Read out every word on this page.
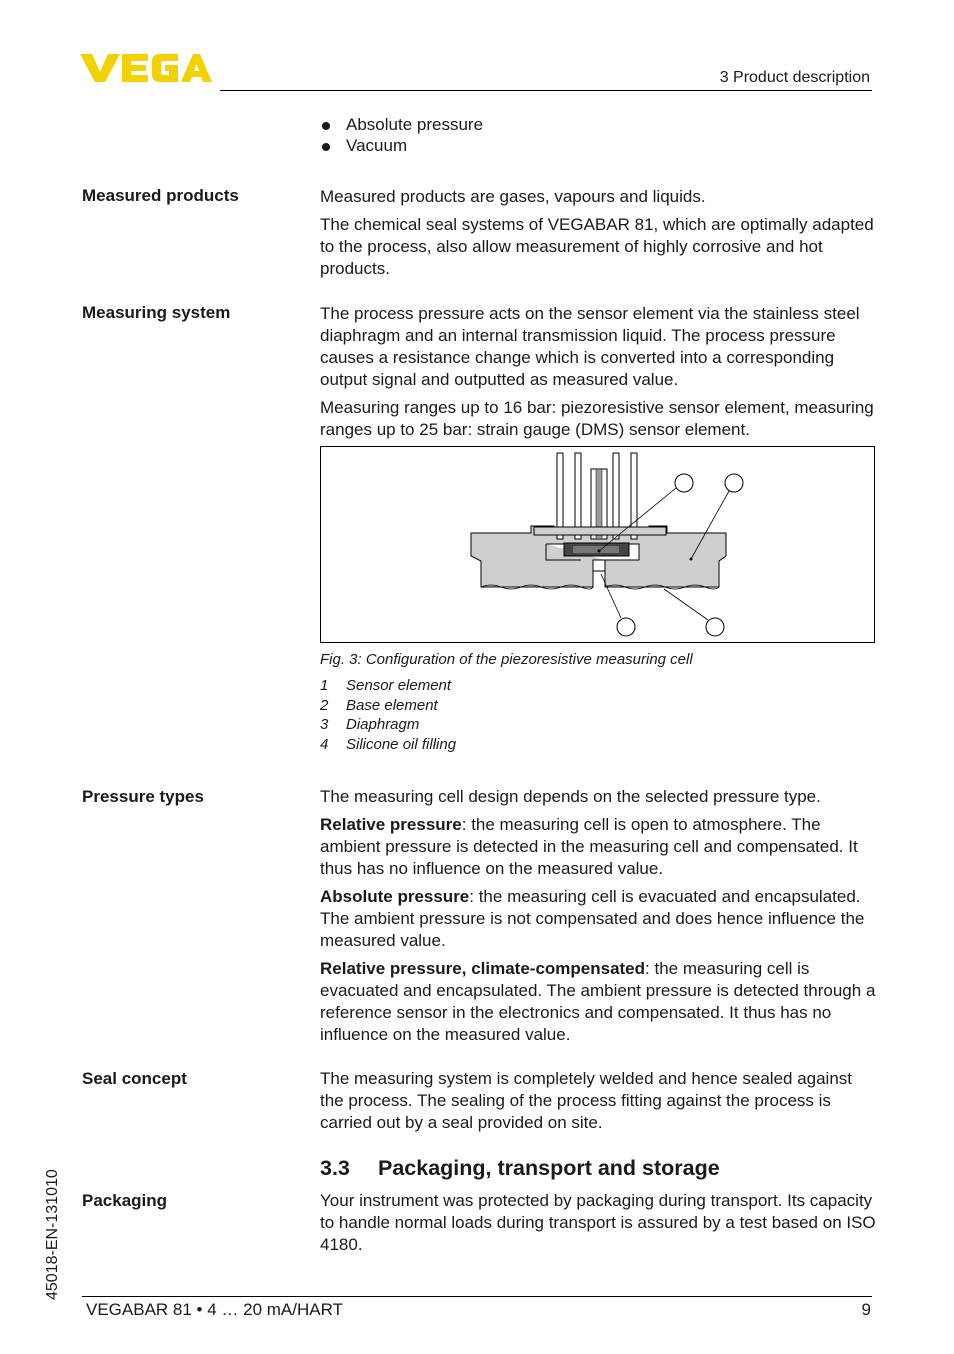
VEGA
3 Product description
Absolute pressure
Vacuum
Measured products	Measured products are gases, vapours and liquids.

The chemical seal systems of VEGABAR 81, which are optimally adapted to the process, also allow measurement of highly corrosive and hot products.

Measuring system	The process pressure acts on the sensor element via the stainless steel diaphragm and an internal transmission liquid. The process pressure causes a resistance change which is converted into a corresponding output signal and outputted as measured value.

Measuring ranges up to 16 bar: piezoresistive sensor element, measuring ranges up to 25 bar: strain gauge (DMS) sensor element.

Fig. 3: Configuration of the piezoresistive measuring cell
1 Sensor element
2 Base element
3 Diaphragm
4 Silicone oil filling
Pressure types	The measuring cell design depends on the selected pressure type.

Relative pressure: the measuring cell is open to atmosphere. The ambient pressure is detected in the measuring cell and compensated. It thus has no influence on the measured value.

Absolute pressure: the measuring cell is evacuated and encapsulated. The ambient pressure is not compensated and does hence influence the measured value.

Relative pressure, climate-compensated: the measuring cell is evacuated and encapsulated. The ambient pressure is detected through a reference sensor in the electronics and compensated. It thus has no influence on the measured value.

Seal concept	The measuring system is completely welded and hence sealed against the process. The sealing of the process fitting against the process is carried out by a seal provided on site.

3.3 Packaging, transport and storage
Packaging	Your instrument was protected by packaging during transport. Its capacity to handle normal loads during transport is assured by a test based on ISO 4180.

45018-EN-131010
VEGABAR 81 • 4 … 20 mA/HART	9
